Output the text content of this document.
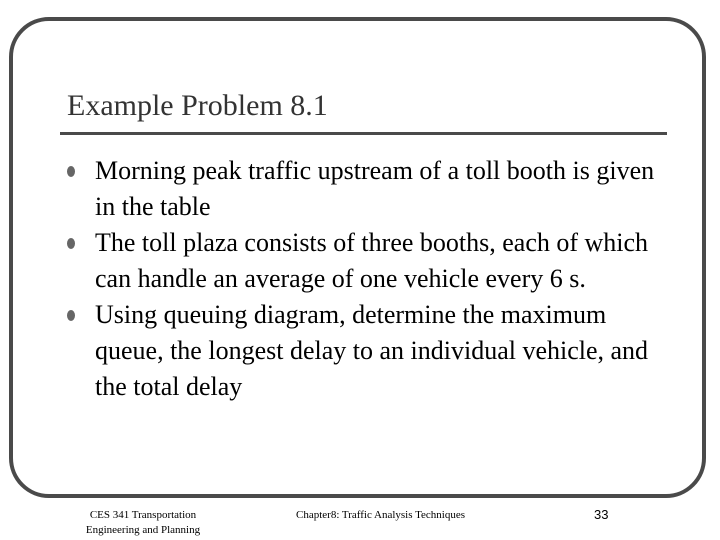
Example Problem 8.1
Morning peak traffic upstream of a toll booth is given in the table
The toll plaza consists of three booths, each of which can handle an average of one vehicle every 6 s.
Using queuing diagram, determine the maximum queue, the longest delay to an individual vehicle, and the total delay
CES 341 Transportation
Engineering and Planning
Chapter8: Traffic Analysis Techniques	33
